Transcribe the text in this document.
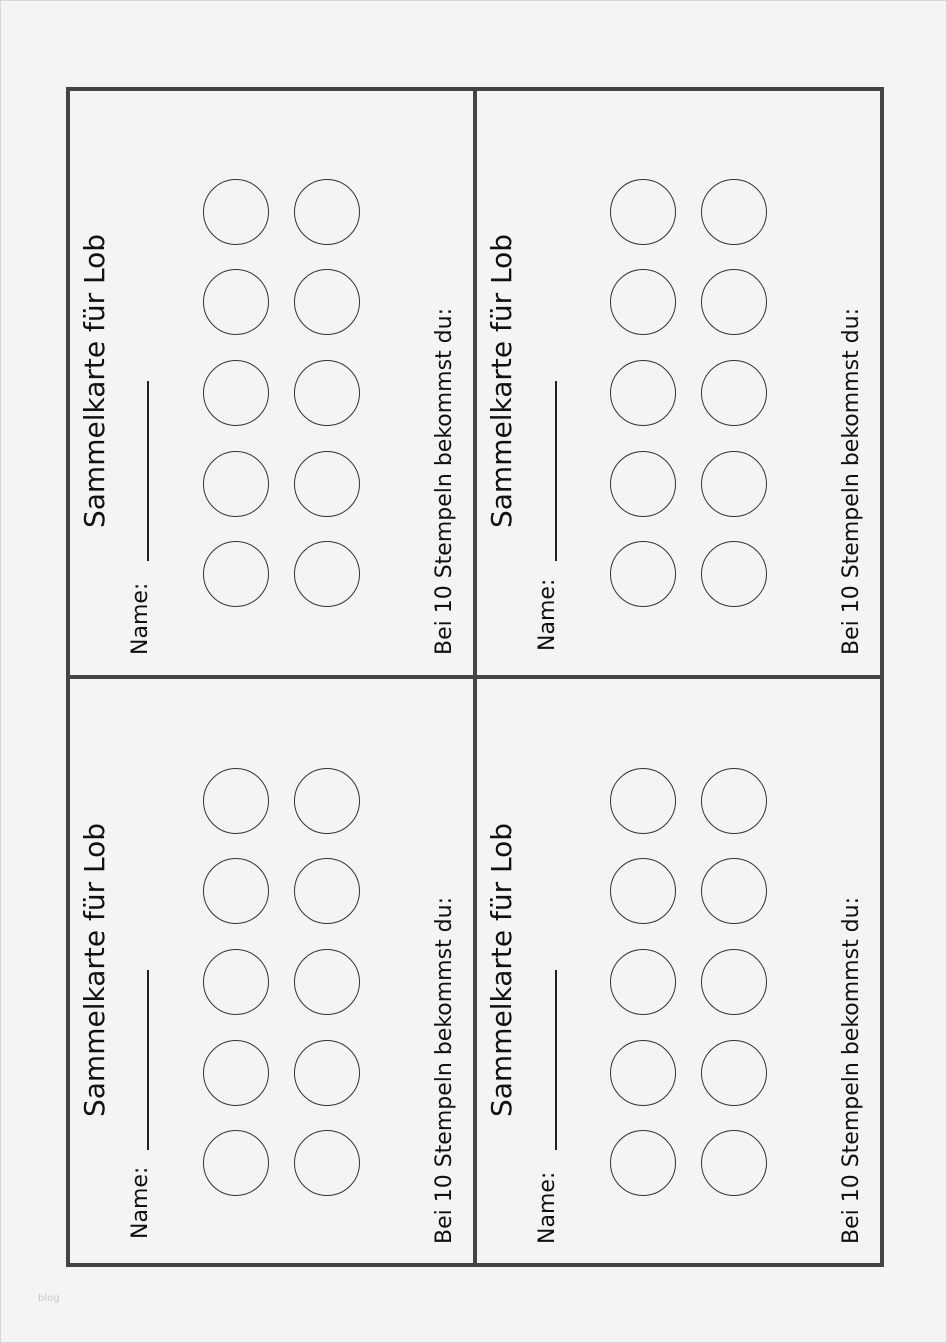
Sammelkarte für Lob
Name:	Bei 10 Stempeln bekommst du: Sammelkarte für Lob
Name:	Bei 10 Stempeln bekommst du:
Sammelkarte für Lob
Name:	Bei 10 Stempeln bekommst du: Sammelkarte für Lob
Name:	Bei 10 Stempeln bekommst du:
blog
